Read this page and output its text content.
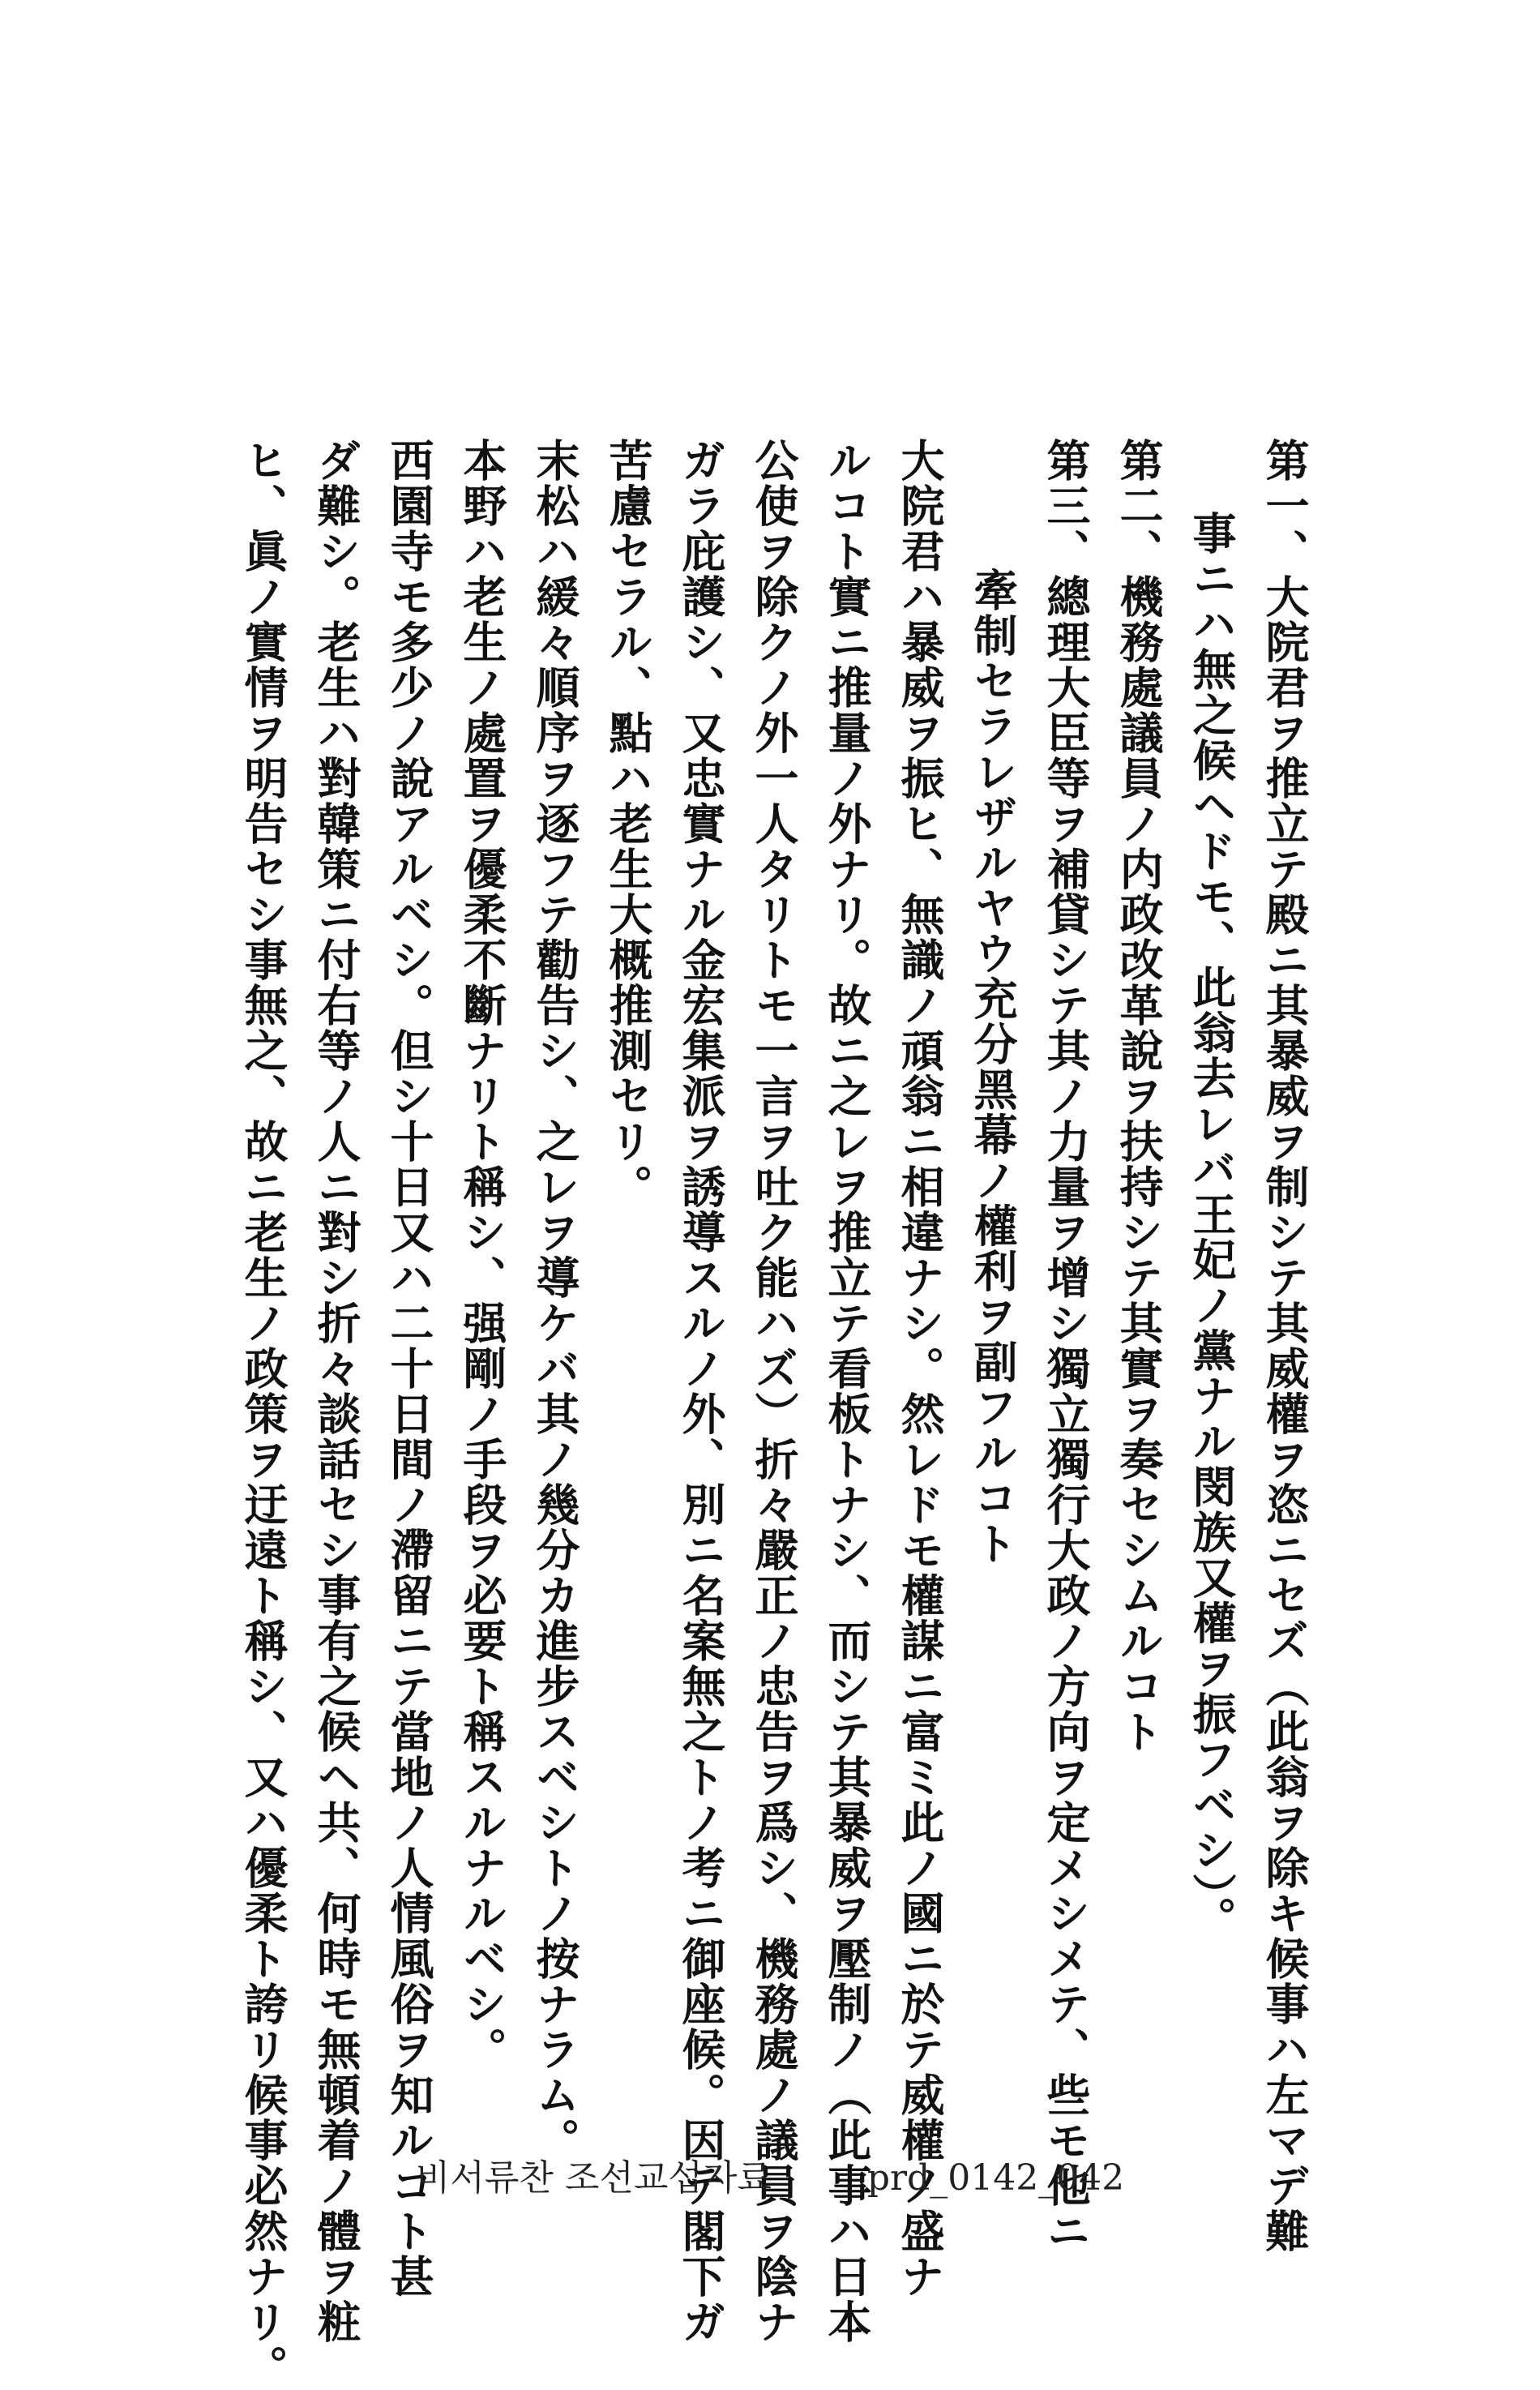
第一、大院君ヲ推立テ殿ニ其暴威ヲ制シテ其威權ヲ恣ニセズ（此翁ヲ除キ候事ハ左マデ難
事ニハ無之候ヘドモ、此翁去レバ王妃ノ黨ナル閔族又權ヲ振フベシ）。
第二、機務處議員ノ内政改革說ヲ扶持シテ其實ヲ奏セシムルコト
第三、總理大臣等ヲ補貸シテ其ノ力量ヲ增シ獨立獨行大政ノ方向ヲ定メシメテ、些モ他ニ
牽制セラレザルヤウ充分黑幕ノ權利ヲ副フルコト
大院君ハ暴威ヲ振ヒ、無識ノ頑翁ニ相違ナシ。然レドモ權謀ニ富ミ此ノ國ニ於テ威權ノ盛ナ
ルコト實ニ推量ノ外ナリ。故ニ之レヲ推立テ看板トナシ、而シテ其暴威ヲ壓制ノ（此事ハ日本
公使ヲ除クノ外一人タリトモ一言ヲ吐ク能ハズ）折々嚴正ノ忠告ヲ爲シ、機務處ノ議員ヲ陰ナ
ガラ庇護シ、又忠實ナル金宏集派ヲ誘導スルノ外、別ニ名案無之トノ考ニ御座候。因テ閣下ガ
苦慮セラル、點ハ老生大概推測セリ。
末松ハ緩々順序ヲ逐フテ勸告シ、之レヲ導ケバ其ノ幾分カ進步スベシトノ按ナラム。
本野ハ老生ノ處置ヲ優柔不斷ナリト稱シ、强剛ノ手段ヲ必要ト稱スルナルベシ。
西園寺モ多少ノ說アルベシ。但シ十日又ハ二十日間ノ滯留ニテ當地ノ人情風俗ヲ知ルコト甚
ダ難シ。老生ハ對韓策ニ付右等ノ人ニ對シ折々談話セシ事有之候ヘ共、何時モ無頓着ノ體ヲ粧
ヒ、眞ノ實情ヲ明告セシ事無之、故ニ老生ノ政策ヲ迂遠ト稱シ、又ハ優柔ト誇リ候事必然ナリ。	비서류찬 조선교섭자료	prd_0142_042
